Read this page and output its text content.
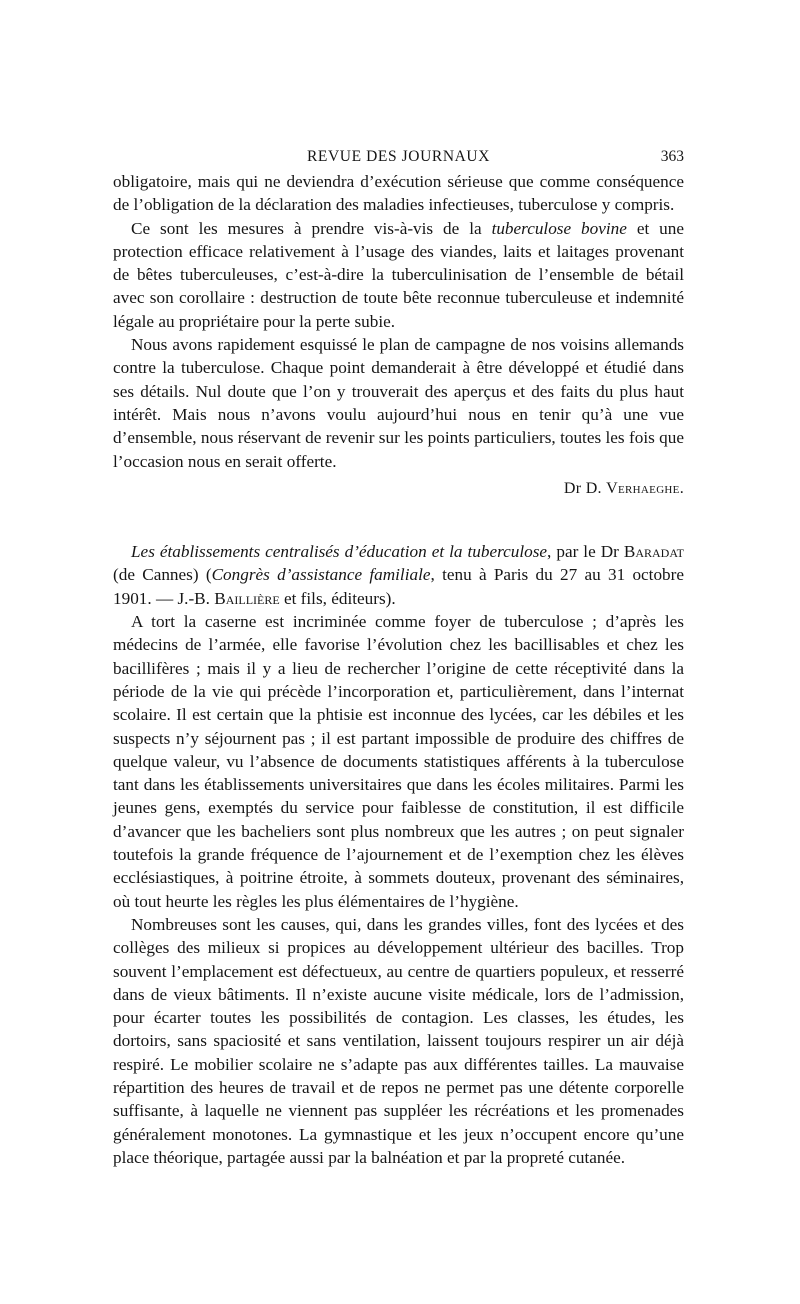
REVUE DES JOURNAUX	363

obligatoire, mais qui ne deviendra d’exécution sérieuse que comme conséquence de l’obligation de la déclaration des maladies infectieuses, tuberculose y compris.

Ce sont les mesures à prendre vis-à-vis de la tuberculose bovine et une protection efficace relativement à l’usage des viandes, laits et laitages provenant de bêtes tuberculeuses, c’est-à-dire la tuberculinisation de l’ensemble de bétail avec son corollaire : destruction de toute bête reconnue tuberculeuse et indemnité légale au propriétaire pour la perte subie.

Nous avons rapidement esquissé le plan de campagne de nos voisins allemands contre la tuberculose. Chaque point demanderait à être développé et étudié dans ses détails. Nul doute que l’on y trouverait des aperçus et des faits du plus haut intérêt. Mais nous n’avons voulu aujourd’hui nous en tenir qu’à une vue d’ensemble, nous réservant de revenir sur les points particuliers, toutes les fois que l’occasion nous en serait offerte.

Dr D. Verhaeghe.

Les établissements centralisés d’éducation et la tuberculose, par le Dr Baradat (de Cannes) (Congrès d’assistance familiale, tenu à Paris du 27 au 31 octobre 1901. — J.-B. Baillière et fils, éditeurs).

A tort la caserne est incriminée comme foyer de tuberculose ; d’après les médecins de l’armée, elle favorise l’évolution chez les bacillisables et chez les bacillifères ; mais il y a lieu de rechercher l’origine de cette réceptivité dans la période de la vie qui précède l’incorporation et, particulièrement, dans l’internat scolaire. Il est certain que la phtisie est inconnue des lycées, car les débiles et les suspects n’y séjournent pas ; il est partant impossible de produire des chiffres de quelque valeur, vu l’absence de documents statistiques afférents à la tuberculose tant dans les établissements universitaires que dans les écoles militaires. Parmi les jeunes gens, exemptés du service pour faiblesse de constitution, il est difficile d’avancer que les bacheliers sont plus nombreux que les autres ; on peut signaler toutefois la grande fréquence de l’ajournement et de l’exemption chez les élèves ecclésiastiques, à poitrine étroite, à sommets douteux, provenant des séminaires, où tout heurte les règles les plus élémentaires de l’hygiène.

Nombreuses sont les causes, qui, dans les grandes villes, font des lycées et des collèges des milieux si propices au développement ultérieur des bacilles. Trop souvent l’emplacement est défectueux, au centre de quartiers populeux, et resserré dans de vieux bâtiments. Il n’existe aucune visite médicale, lors de l’admission, pour écarter toutes les possibilités de contagion. Les classes, les études, les dortoirs, sans spaciosité et sans ventilation, laissent toujours respirer un air déjà respiré. Le mobilier scolaire ne s’adapte pas aux différentes tailles. La mauvaise répartition des heures de travail et de repos ne permet pas une détente corporelle suffisante, à laquelle ne viennent pas suppléer les récréations et les promenades généralement monotones. La gymnastique et les jeux n’occupent encore qu’une place théorique, partagée aussi par la balnéation et par la propreté cutanée.
